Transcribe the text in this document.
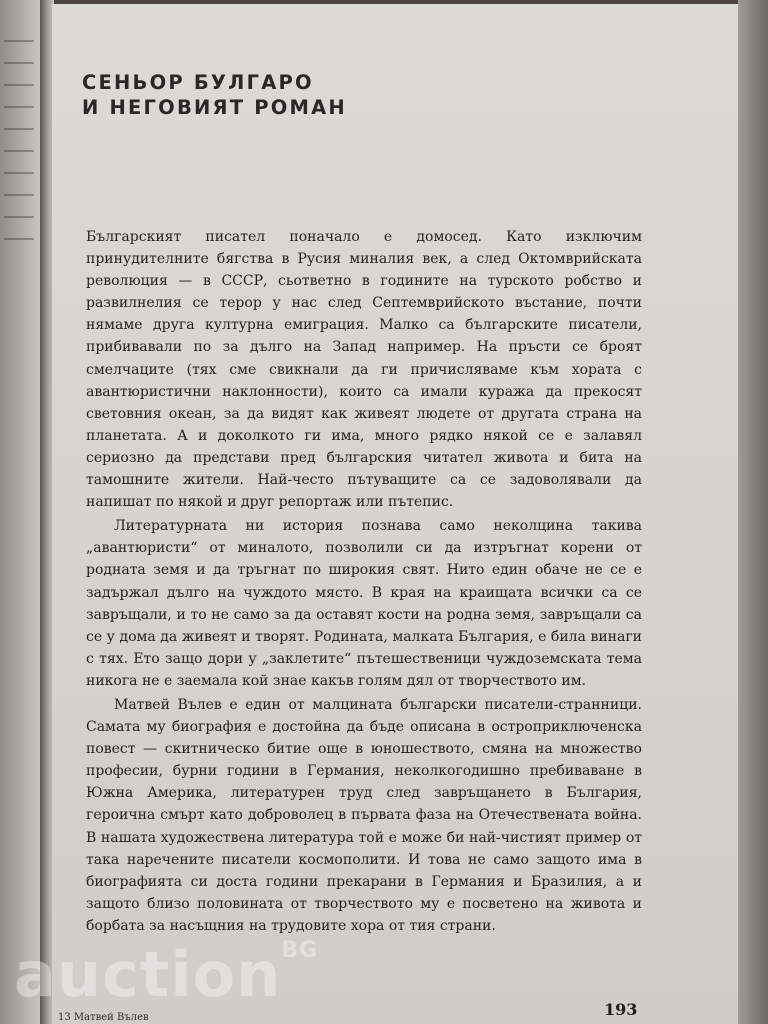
СЕНЬОР БУЛГАРО
И НЕГОВИЯТ РОМАН

Българският писател поначало е домосед. Като изключим принудителните бягства в Русия миналия век, а след Октомврийската революция — в СССР, сьответно в годините на турското робство и развилнелия се терор у нас след Септемврийското въстание, почти нямаме друга културна емиграция. Малко са българските писатели, прибивавали по за дълго на Запад например. На пръсти се броят смелчаците (тях сме свикнали да ги причисляваме към хората с авантюристични наклонности), които са имали куража да прекосят световния океан, за да видят как живеят людете от другата страна на планетата. А и доколкото ги има, много рядко някой се е залавял сериозно да представи пред българския читател живота и бита на тамошните жители. Най-често пътуващите са се задоволявали да напишат по някой и друг репортаж или пътепис.

Литературната ни история познава само неколцина такива „авантюристи“ от миналото, позволили си да изтръгнат корени от родната земя и да тръгнат по широкия свят. Нито един обаче не се е задържал дълго на чуждото място. В края на краищата всички са се завръщали, и то не само за да оставят кости на родна земя, завръщали са се у дома да живеят и творят. Родината, малката България, е била винаги с тях. Ето защо дори у „заклетите“ пътешественици чуждоземската тема никога не е заемала кой знае какъв голям дял от творчеството им.

Матвей Вълев е един от малцината български писатели-странници. Самата му биография е достойна да бъде описана в остроприключенска повест — скитническо битие още в юношеството, смяна на множество професии, бурни години в Германия, неколкогодишно пребиваване в Южна Америка, литературен труд след завръщането в България, героична смърт като доброволец в първата фаза на Отечествената война. В нашата художествена литература той е може би най-чистият пример от така наречените писатели космополити. И това не само защото има в биографията си доста години прекарани в Германия и Бразилия, а и защото близо половината от творчеството му е посветено на живота и борбата за насъщния на трудовите хора от тия страни.

193
13 Матвей Вълев
auction$^{BG}$
